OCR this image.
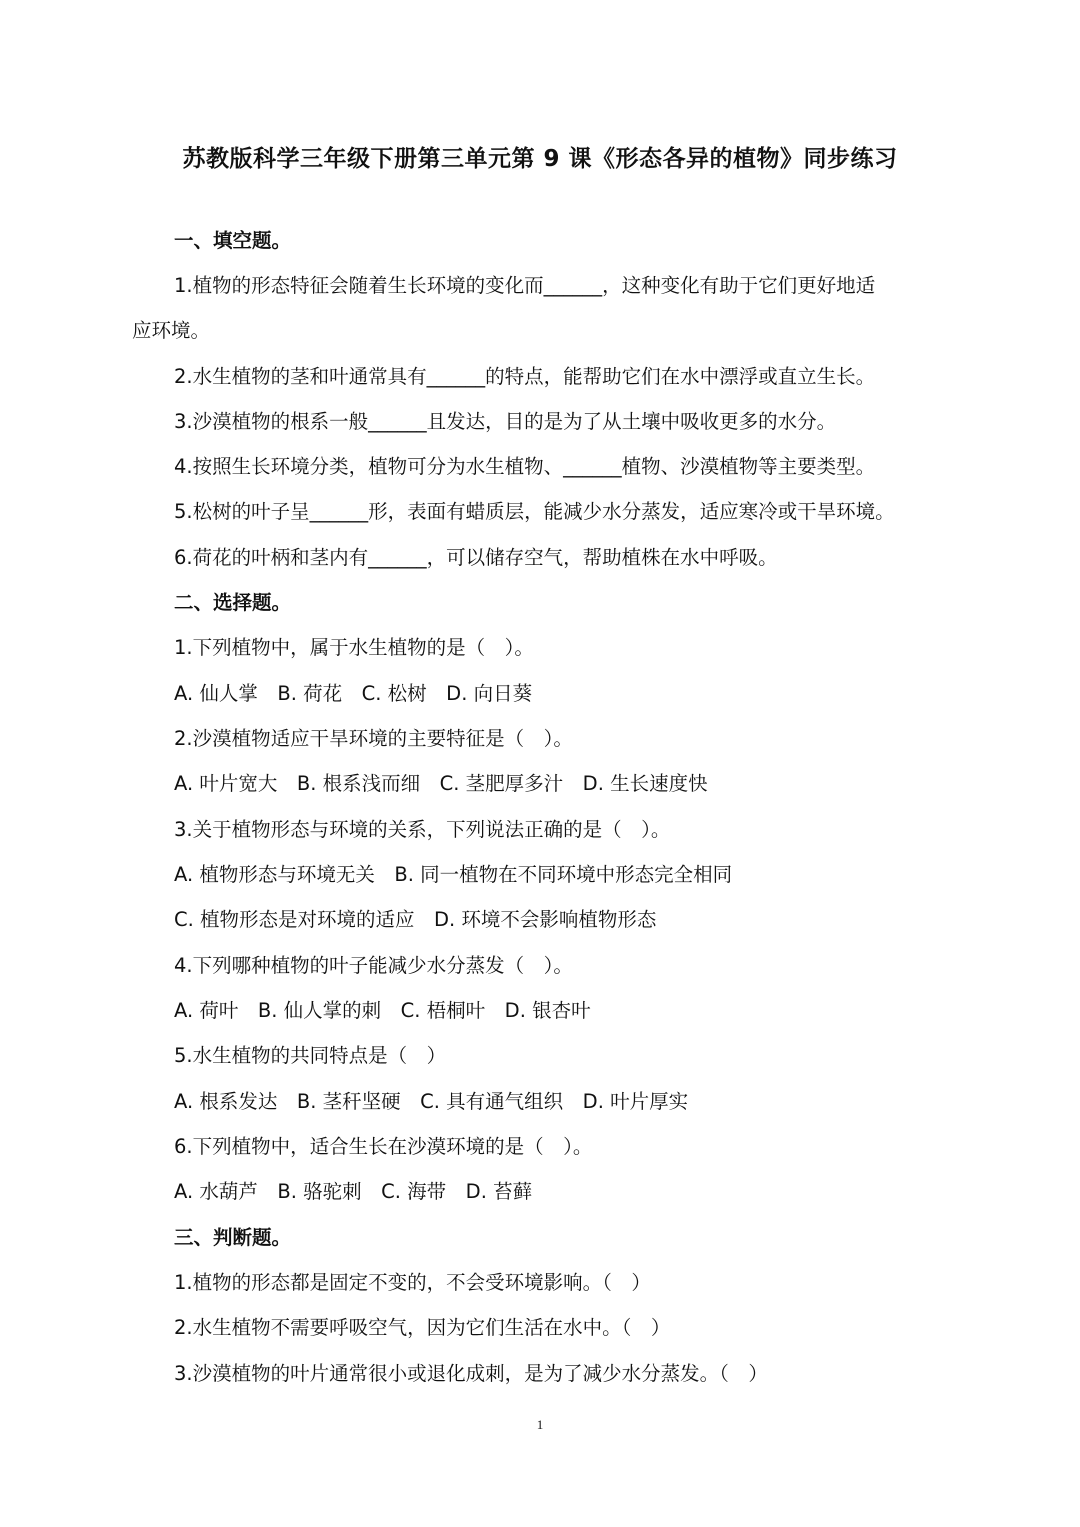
苏教版科学三年级下册第三单元第 9 课《形态各异的植物》同步练习
一、填空题。
1.植物的形态特征会随着生长环境的变化而______，这种变化有助于它们更好地适
应环境。
2.水生植物的茎和叶通常具有______的特点，能帮助它们在水中漂浮或直立生长。
3.沙漠植物的根系一般______且发达，目的是为了从土壤中吸收更多的水分。
4.按照生长环境分类，植物可分为水生植物、______植物、沙漠植物等主要类型。
5.松树的叶子呈______形，表面有蜡质层，能减少水分蒸发，适应寒冷或干旱环境。
6.荷花的叶柄和茎内有______，可以储存空气，帮助植株在水中呼吸。
二、选择题。
1.下列植物中，属于水生植物的是（　）。
A. 仙人掌　B. 荷花　C. 松树　D. 向日葵
2.沙漠植物适应干旱环境的主要特征是（　）。
A. 叶片宽大　B. 根系浅而细　C. 茎肥厚多汁　D. 生长速度快
3.关于植物形态与环境的关系，下列说法正确的是（　）。
A. 植物形态与环境无关　B. 同一植物在不同环境中形态完全相同
C. 植物形态是对环境的适应　D. 环境不会影响植物形态
4.下列哪种植物的叶子能减少水分蒸发（　）。
A. 荷叶　B. 仙人掌的刺　C. 梧桐叶　D. 银杏叶
5.水生植物的共同特点是（　）
A. 根系发达　B. 茎秆坚硬　C. 具有通气组织　D. 叶片厚实
6.下列植物中，适合生长在沙漠环境的是（　）。
A. 水葫芦　B. 骆驼刺　C. 海带　D. 苔藓
三、判断题。
1.植物的形态都是固定不变的，不会受环境影响。（　）
2.水生植物不需要呼吸空气，因为它们生活在水中。（　）
3.沙漠植物的叶片通常很小或退化成刺，是为了减少水分蒸发。（　）
1
